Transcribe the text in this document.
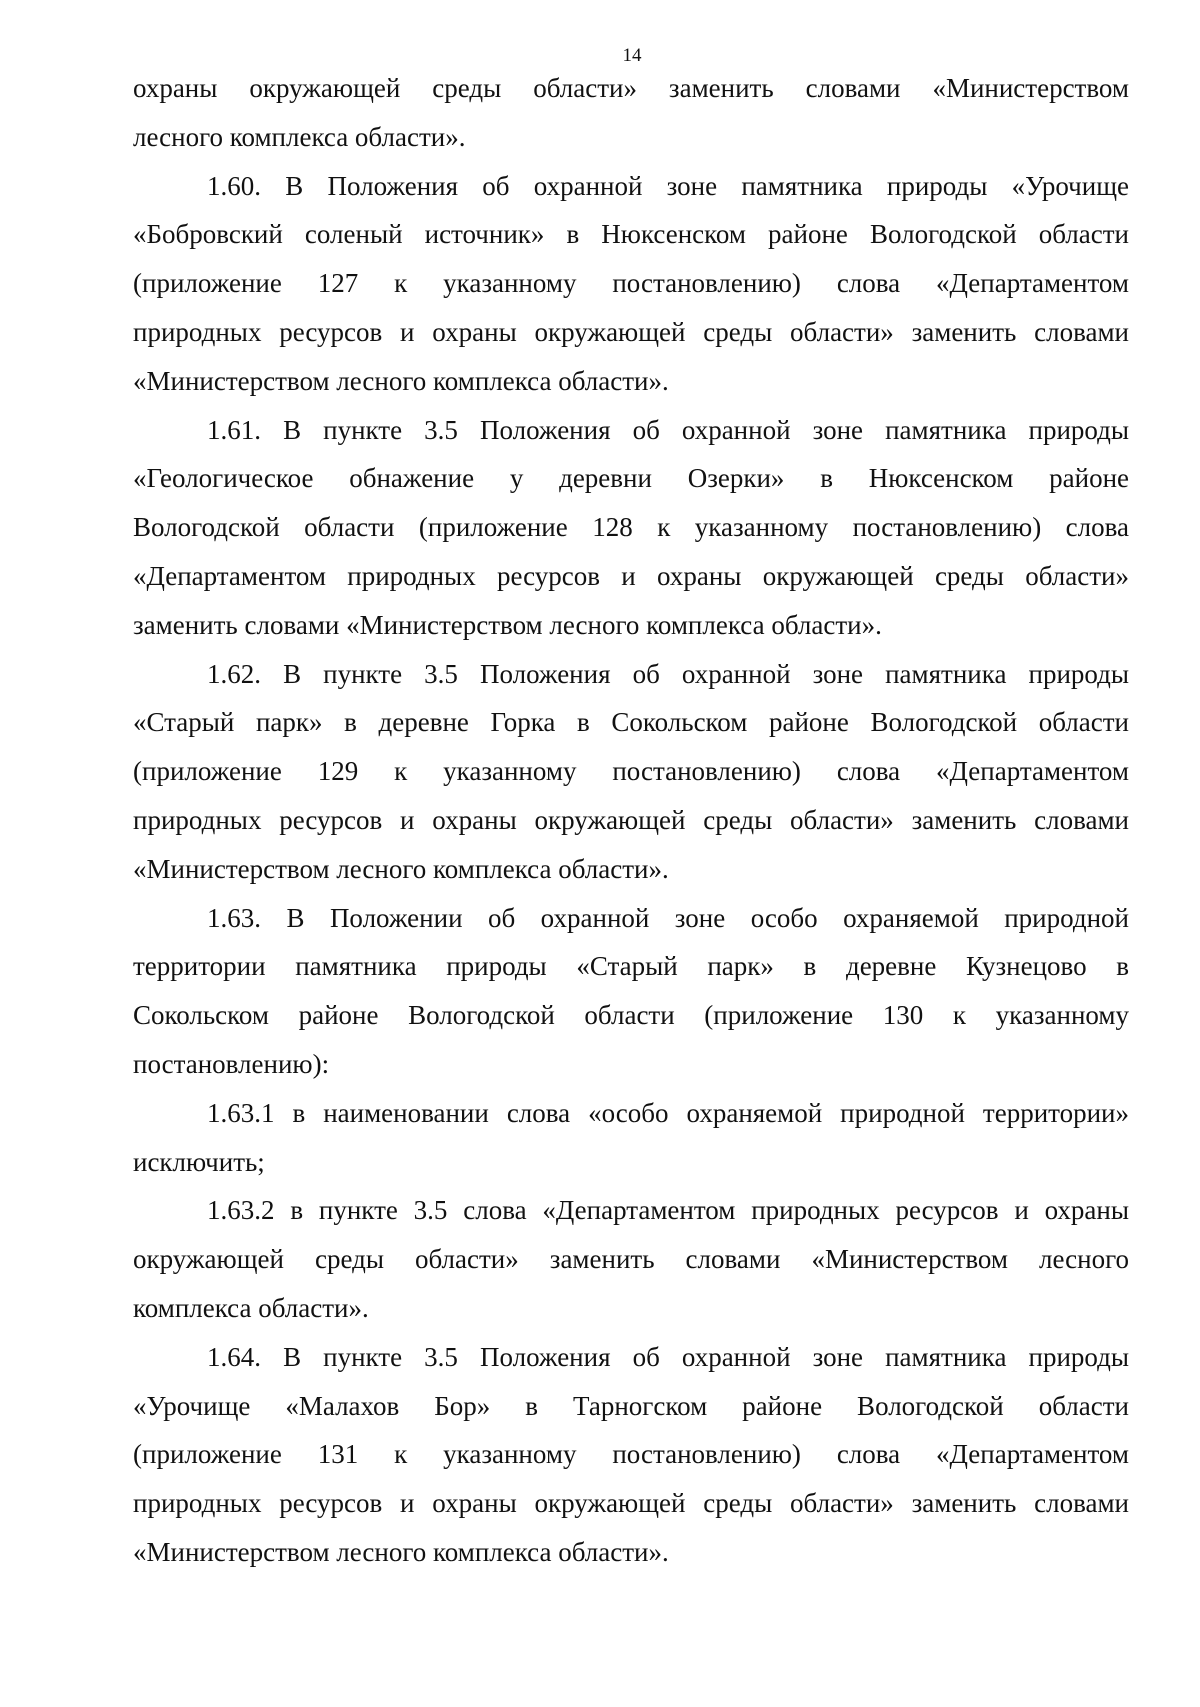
14
охраны окружающей среды области» заменить словами «Министерством
лесного комплекса области».
1.60. В Положения об охранной зоне памятника природы «Урочище
«Бобровский соленый источник» в Нюксенском районе Вологодской области
(приложение 127 к указанному постановлению) слова «Департаментом
природных ресурсов и охраны окружающей среды области» заменить словами
«Министерством лесного комплекса области».
1.61. В пункте 3.5 Положения об охранной зоне памятника природы
«Геологическое обнажение у деревни Озерки» в Нюксенском районе
Вологодской области (приложение 128 к указанному постановлению) слова
«Департаментом природных ресурсов и охраны окружающей среды области»
заменить словами «Министерством лесного комплекса области».
1.62. В пункте 3.5 Положения об охранной зоне памятника природы
«Старый парк» в деревне Горка в Сокольском районе Вологодской области
(приложение 129 к указанному постановлению) слова «Департаментом
природных ресурсов и охраны окружающей среды области» заменить словами
«Министерством лесного комплекса области».
1.63. В Положении об охранной зоне особо охраняемой природной
территории памятника природы «Старый парк» в деревне Кузнецово в
Сокольском районе Вологодской области (приложение 130 к указанному
постановлению):
1.63.1 в наименовании слова «особо охраняемой природной территории»
исключить;
1.63.2 в пункте 3.5 слова «Департаментом природных ресурсов и охраны
окружающей среды области» заменить словами «Министерством лесного
комплекса области».
1.64. В пункте 3.5 Положения об охранной зоне памятника природы
«Урочище «Малахов Бор» в Тарногском районе Вологодской области
(приложение 131 к указанному постановлению) слова «Департаментом
природных ресурсов и охраны окружающей среды области» заменить словами
«Министерством лесного комплекса области».
